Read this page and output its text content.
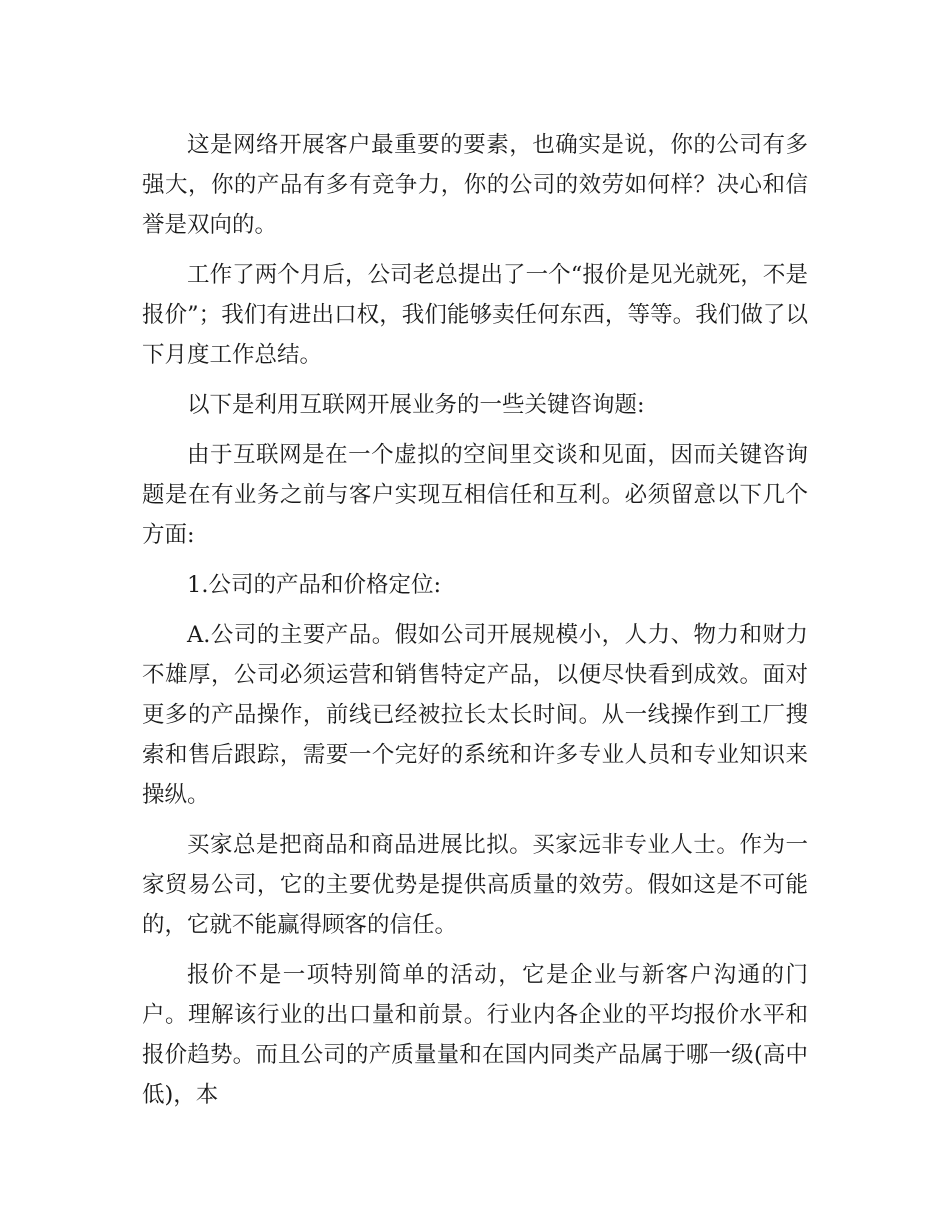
这是网络开展客户最重要的要素，也确实是说，你的公司有多强大，你的产品有多有竞争力，你的公司的效劳如何样？决心和信誉是双向的。

工作了两个月后，公司老总提出了一个“报价是见光就死，不是报价”；我们有进出口权，我们能够卖任何东西，等等。我们做了以下月度工作总结。

以下是利用互联网开展业务的一些关键咨询题:

由于互联网是在一个虚拟的空间里交谈和见面，因而关键咨询题是在有业务之前与客户实现互相信任和互利。必须留意以下几个方面:

1.公司的产品和价格定位:

A.公司的主要产品。假如公司开展规模小，人力、物力和财力不雄厚，公司必须运营和销售特定产品，以便尽快看到成效。面对更多的产品操作，前线已经被拉长太长时间。从一线操作到工厂搜索和售后跟踪，需要一个完好的系统和许多专业人员和专业知识来操纵。

买家总是把商品和商品进展比拟。买家远非专业人士。作为一家贸易公司，它的主要优势是提供高质量的效劳。假如这是不可能的，它就不能赢得顾客的信任。

报价不是一项特别简单的活动，它是企业与新客户沟通的门户。理解该行业的出口量和前景。行业内各企业的平均报价水平和报价趋势。而且公司的产质量量和在国内同类产品属于哪一级(高中低)，本
